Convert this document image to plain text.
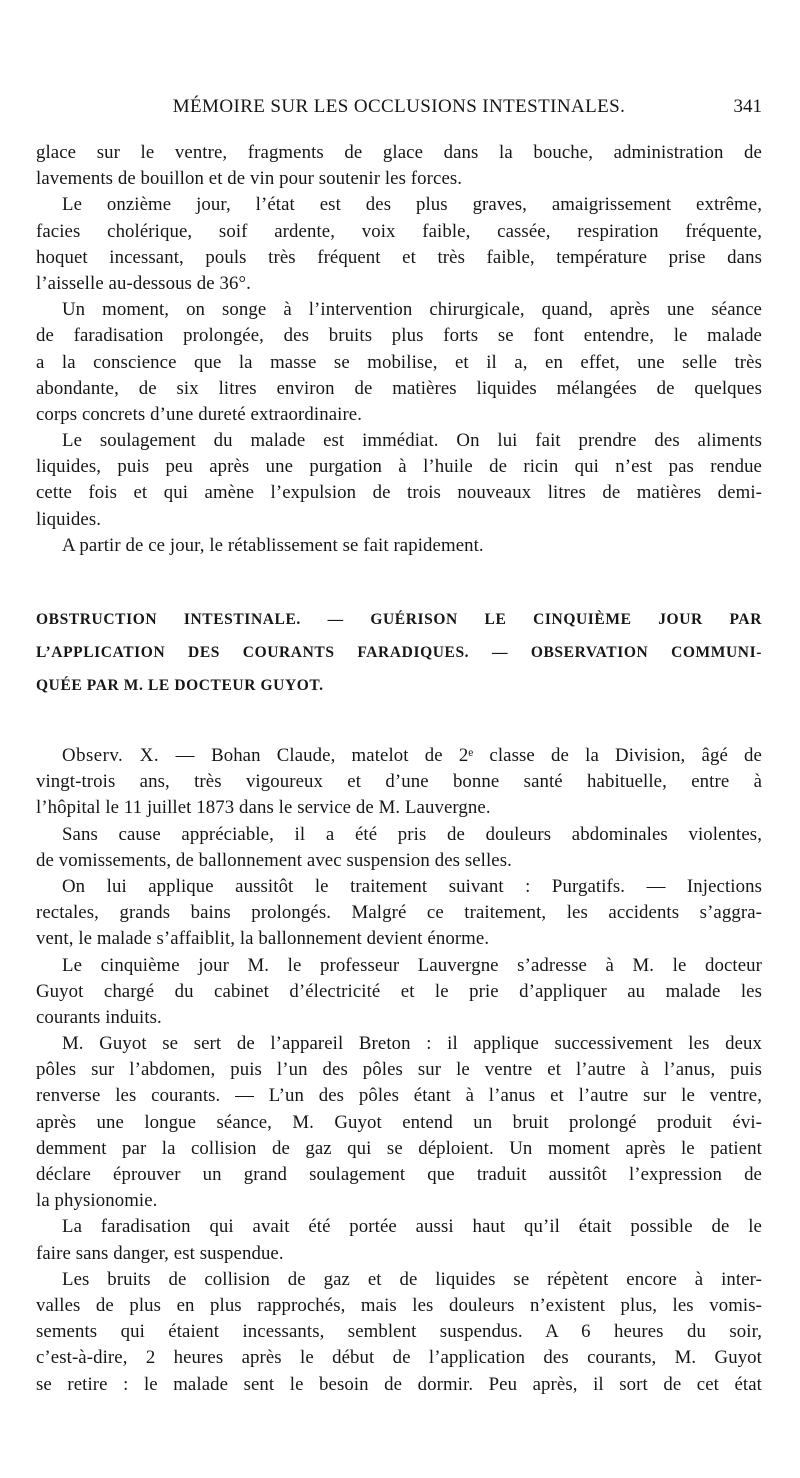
MÉMOIRE SUR LES OCCLUSIONS INTESTINALES.	341
glace sur le ventre, fragments de glace dans la bouche, administration de
lavements de bouillon et de vin pour soutenir les forces.
Le onzième jour, l’état est des plus graves, amaigrissement extrême,
facies cholérique, soif ardente, voix faible, cassée, respiration fréquente,
hoquet incessant, pouls très fréquent et très faible, température prise dans
l’aisselle au-dessous de 36°.
Un moment, on songe à l’intervention chirurgicale, quand, après une séance
de faradisation prolongée, des bruits plus forts se font entendre, le malade
a la conscience que la masse se mobilise, et il a, en effet, une selle très
abondante, de six litres environ de matières liquides mélangées de quelques
corps concrets d’une dureté extraordinaire.
Le soulagement du malade est immédiat. On lui fait prendre des aliments
liquides, puis peu après une purgation à l’huile de ricin qui n’est pas rendue
cette fois et qui amène l’expulsion de trois nouveaux litres de matières demi-
liquides.
A partir de ce jour, le rétablissement se fait rapidement.
OBSTRUCTION INTESTINALE. — GUÉRISON LE CINQUIÈME JOUR PAR
L’APPLICATION DES COURANTS FARADIQUES. — OBSERVATION COMMUNI-
QUÉE PAR M. LE DOCTEUR GUYOT.
Observ. X. — Bohan Claude, matelot de 2ᵉ classe de la Division, âgé de
vingt-trois ans, très vigoureux et d’une bonne santé habituelle, entre à
l’hôpital le 11 juillet 1873 dans le service de M. Lauvergne.
Sans cause appréciable, il a été pris de douleurs abdominales violentes,
de vomissements, de ballonnement avec suspension des selles.
On lui applique aussitôt le traitement suivant : Purgatifs. — Injections
rectales, grands bains prolongés. Malgré ce traitement, les accidents s’aggra-
vent, le malade s’affaiblit, la ballonnement devient énorme.
Le cinquième jour M. le professeur Lauvergne s’adresse à M. le docteur
Guyot chargé du cabinet d’électricité et le prie d’appliquer au malade les
courants induits.
M. Guyot se sert de l’appareil Breton : il applique successivement les deux
pôles sur l’abdomen, puis l’un des pôles sur le ventre et l’autre à l’anus, puis
renverse les courants. — L’un des pôles étant à l’anus et l’autre sur le ventre,
après une longue séance, M. Guyot entend un bruit prolongé produit évi-
demment par la collision de gaz qui se déploient. Un moment après le patient
déclare éprouver un grand soulagement que traduit aussitôt l’expression de
la physionomie.
La faradisation qui avait été portée aussi haut qu’il était possible de le
faire sans danger, est suspendue.
Les bruits de collision de gaz et de liquides se répètent encore à inter-
valles de plus en plus rapprochés, mais les douleurs n’existent plus, les vomis-
sements qui étaient incessants, semblent suspendus. A 6 heures du soir,
c’est-à-dire, 2 heures après le début de l’application des courants, M. Guyot
se retire : le malade sent le besoin de dormir. Peu après, il sort de cet état
